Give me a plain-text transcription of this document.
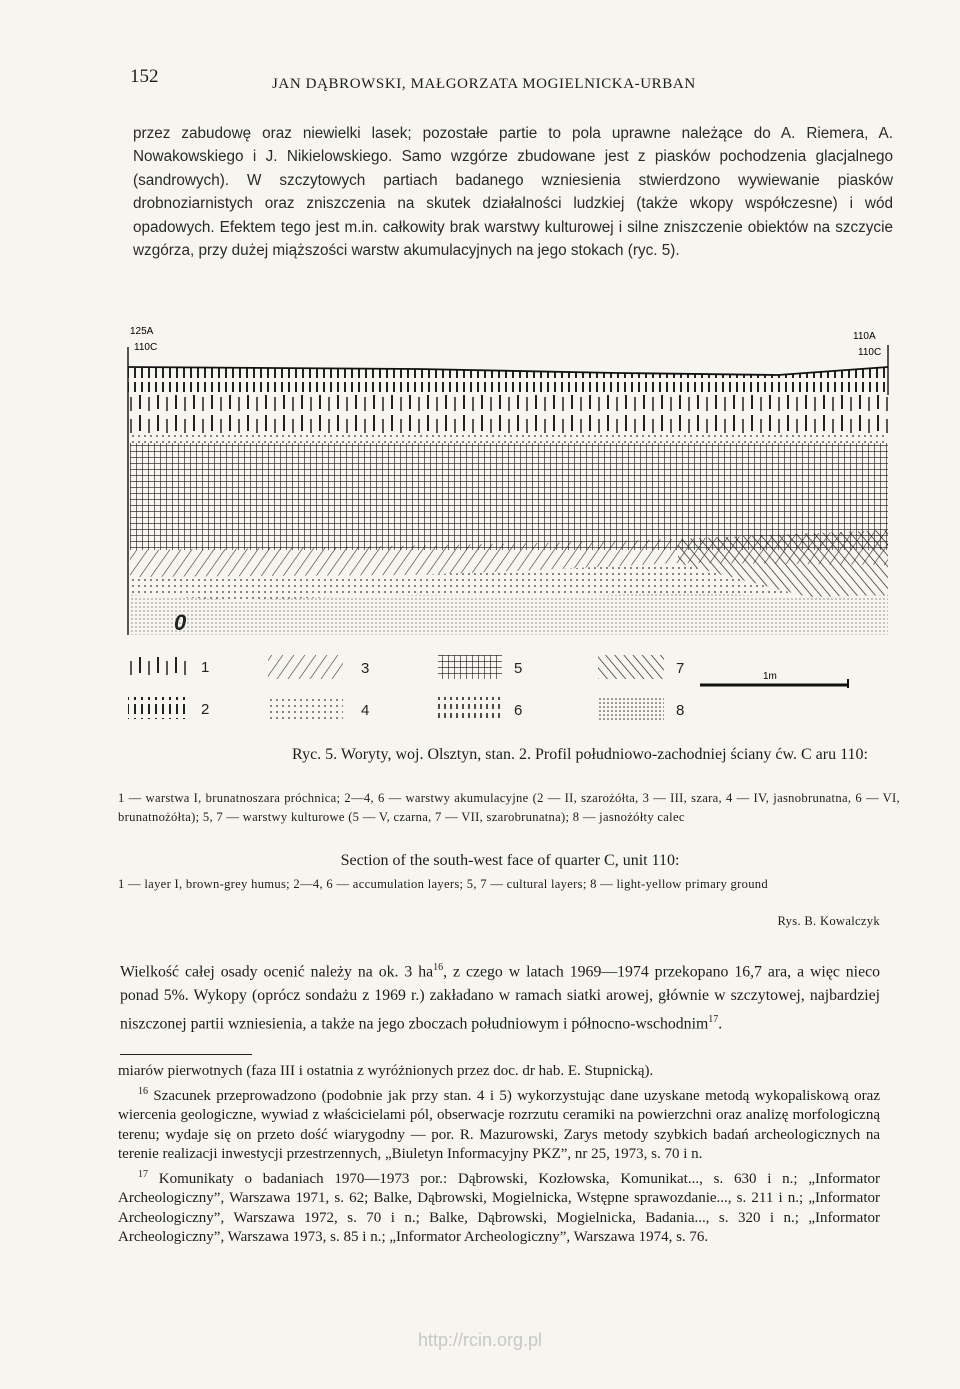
152	JAN DĄBROWSKI, MAŁGORZATA MOGIELNICKA-URBAN
przez zabudowę oraz niewielki lasek; pozostałe partie to pola uprawne należące do A. Riemera, A. Nowakowskiego i J. Nikielowskiego. Samo wzgórze zbudowane jest z piasków pochodzenia glacjalnego (sandrowych). W szczytowych partiach badanego wzniesienia stwierdzono wywiewanie piasków drobnoziarnistych oraz zniszczenia na skutek działalności ludzkiej (także wkopy współczesne) i wód opadowych. Efektem tego jest m.in. całkowity brak warstwy kulturowej i silne zniszczenie obiektów na szczycie wzgórza, przy dużej miąższości warstw akumulacyjnych na jego stokach (ryc. 5).
125A
110C
110A
110C
0
1
2
3
4
5
6
7
8
1m
Ryc. 5. Woryty, woj. Olsztyn, stan. 2. Profil południowo-zachodniej ściany ćw. C aru 110:
1 — warstwa I, brunatnoszara próchnica; 2—4, 6 — warstwy akumulacyjne (2 — II, szarożółta, 3 — III, szara, 4 — IV, jasnobrunatna, 6 — VI, brunatnożółta); 5, 7 — warstwy kulturowe (5 — V, czarna, 7 — VII, szarobrunatna); 8 — jasnożółty calec
Section of the south-west face of quarter C, unit 110:
1 — layer I, brown-grey humus; 2—4, 6 — accumulation layers; 5, 7 — cultural layers; 8 — light-yellow primary ground
Rys. B. Kowalczyk
Wielkość całej osady ocenić należy na ok. 3 ha$^{16}$, z czego w latach 1969—1974 przekopano 16,7 ara, a więc nieco ponad 5%. Wykopy (oprócz sondażu z 1969 r.) zakładano w ramach siatki arowej, głównie w szczytowej, najbardziej niszczonej partii wzniesienia, a także na jego zboczach południowym i północno-wschodnim$^{17}$.
miarów pierwotnych (faza III i ostatnia z wyróżnionych przez doc. dr hab. E. Stupnicką).
$^{16}$ Szacunek przeprowadzono (podobnie jak przy stan. 4 i 5) wykorzystując dane uzyskane metodą wykopaliskową oraz wiercenia geologiczne, wywiad z właścicielami pól, obserwacje rozrzutu ceramiki na powierzchni oraz analizę morfologiczną terenu; wydaje się on przeto dość wiarygodny — por. R. Mazurowski, Zarys metody szybkich badań archeologicznych na terenie realizacji inwestycji przestrzennych, „Biuletyn Informacyjny PKZ”, nr 25, 1973, s. 70 i n.
$^{17}$ Komunikaty o badaniach 1970—1973 por.: Dąbrowski, Kozłowska, Komunikat..., s. 630 i n.; „Informator Archeologiczny”, Warszawa 1971, s. 62; Balke, Dąbrowski, Mogielnicka, Wstępne sprawozdanie..., s. 211 i n.; „Informator Archeologiczny”, Warszawa 1972, s. 70 i n.; Balke, Dąbrowski, Mogielnicka, Badania..., s. 320 i n.; „Informator Archeologiczny”, Warszawa 1973, s. 85 i n.; „Informator Archeologiczny”, Warszawa 1974, s. 76.
http://rcin.org.pl
